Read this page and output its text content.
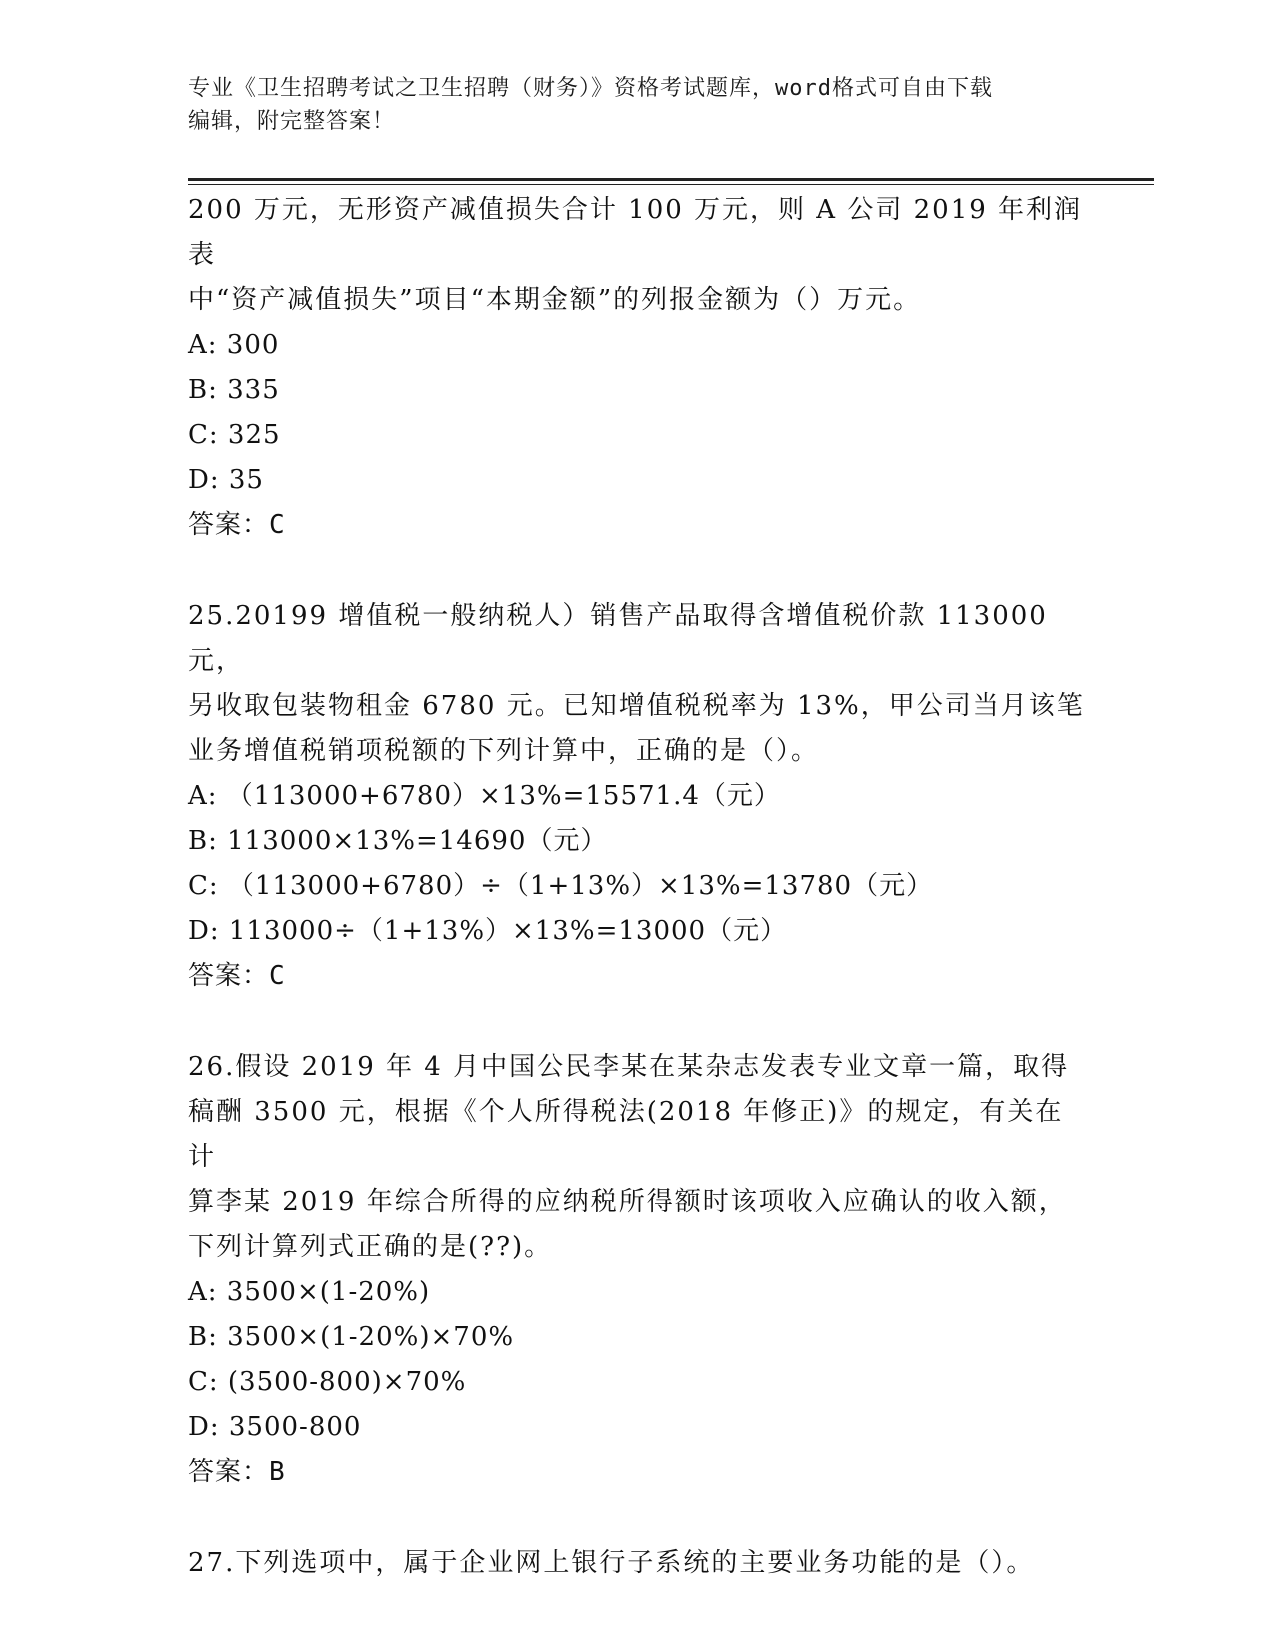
专业《卫生招聘考试之卫生招聘（财务）》资格考试题库，word格式可自由下载
编辑，附完整答案！

200 万元，无形资产减值损失合计 100 万元，则 A 公司 2019 年利润表

中“资产减值损失”项目“本期金额”的列报金额为（）万元。

A: 300

B: 335

C: 325

D: 35

答案：C

25.20199 增值税一般纳税人）销售产品取得含增值税价款 113000 元，

另收取包装物租金 6780 元。已知增值税税率为 13%，甲公司当月该笔

业务增值税销项税额的下列计算中，正确的是（）。

A: （113000+6780）×13%=15571.4（元）

B: 113000×13%=14690（元）

C: （113000+6780）÷（1+13%）×13%=13780（元）

D: 113000÷（1+13%）×13%=13000（元）

答案：C

26.假设 2019 年 4 月中国公民李某在某杂志发表专业文章一篇，取得

稿酬 3500 元，根据《个人所得税法(2018 年修正)》的规定，有关在计

算李某 2019 年综合所得的应纳税所得额时该项收入应确认的收入额，

下列计算列式正确的是(??)。

A: 3500×(1-20%)

B: 3500×(1-20%)×70%

C: (3500-800)×70%

D: 3500-800

答案：B

27.下列选项中，属于企业网上银行子系统的主要业务功能的是（）。
